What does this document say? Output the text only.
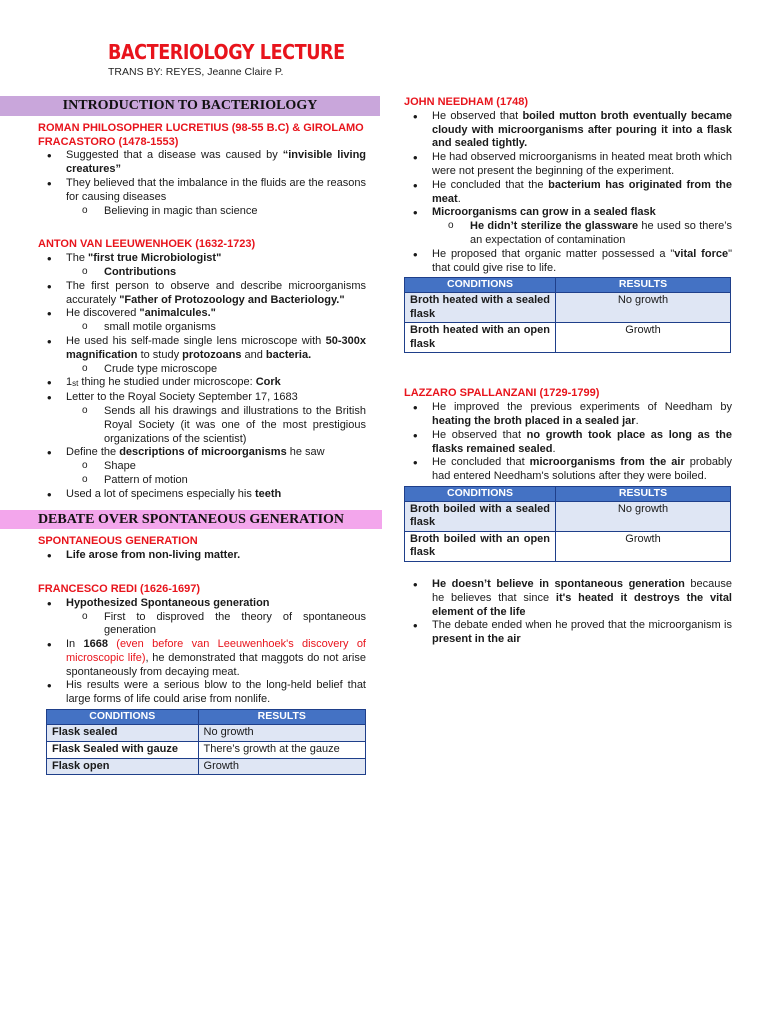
BACTERIOLOGY LECTURE
TRANS BY: REYES, Jeanne Claire P.
INTRODUCTION TO BACTERIOLOGY
ROMAN PHILOSOPHER LUCRETIUS (98-55 B.C) & GIROLAMO FRACASTORO (1478-1553)
• Suggested that a disease was caused by “invisible living creatures”
• They believed that the imbalance in the fluids are the reasons for causing diseases
o Believing in magic than science
ANTON VAN LEEUWENHOEK (1632-1723)
• The "first true Microbiologist"
o Contributions
• The first person to observe and describe microorganisms accurately "Father of Protozoology and Bacteriology."
• He discovered "animalcules."
o small motile organisms
• He used his self-made single lens microscope with 50-300x magnification to study protozoans and bacteria.
o Crude type microscope
• 1st thing he studied under microscope: Cork
• Letter to the Royal Society September 17, 1683
o Sends all his drawings and illustrations to the British Royal Society (it was one of the most prestigious organizations of the scientist)
• Define the descriptions of microorganisms he saw
o Shape
o Pattern of motion
• Used a lot of specimens especially his teeth
DEBATE OVER SPONTANEOUS GENERATION
SPONTANEOUS GENERATION
• Life arose from non-living matter.
FRANCESCO REDI (1626-1697)
• Hypothesized Spontaneous generation
o First to disproved the theory of spontaneous generation
• In 1668 (even before van Leeuwenhoek's discovery of microscopic life), he demonstrated that maggots do not arise spontaneously from decaying meat.
• His results were a serious blow to the long-held belief that large forms of life could arise from nonlife.
CONDITIONS	RESULTS
Flask sealed	No growth
Flask Sealed with gauze	There’s growth at the gauze
Flask open	Growth
JOHN NEEDHAM (1748)
• He observed that boiled mutton broth eventually became cloudy with microorganisms after pouring it into a flask and sealed tightly.
• He had observed microorganisms in heated meat broth which were not present the beginning of the experiment.
• He concluded that the bacterium has originated from the meat.
• Microorganisms can grow in a sealed flask
o He didn’t sterilize the glassware he used so there’s an expectation of contamination
• He proposed that organic matter possessed a "vital force" that could give rise to life.
CONDITIONS	RESULTS
Broth heated with a sealed flask	No growth
Broth heated with an open flask	Growth
LAZZARO SPALLANZANI (1729-1799)
• He improved the previous experiments of Needham by heating the broth placed in a sealed jar.
• He observed that no growth took place as long as the flasks remained sealed.
• He concluded that microorganisms from the air probably had entered Needham's solutions after they were boiled.
CONDITIONS	RESULTS
Broth boiled with a sealed flask	No growth
Broth boiled with an open flask	Growth
• He doesn’t believe in spontaneous generation because he believes that since it's heated it destroys the vital element of the life
• The debate ended when he proved that the microorganism is present in the air
